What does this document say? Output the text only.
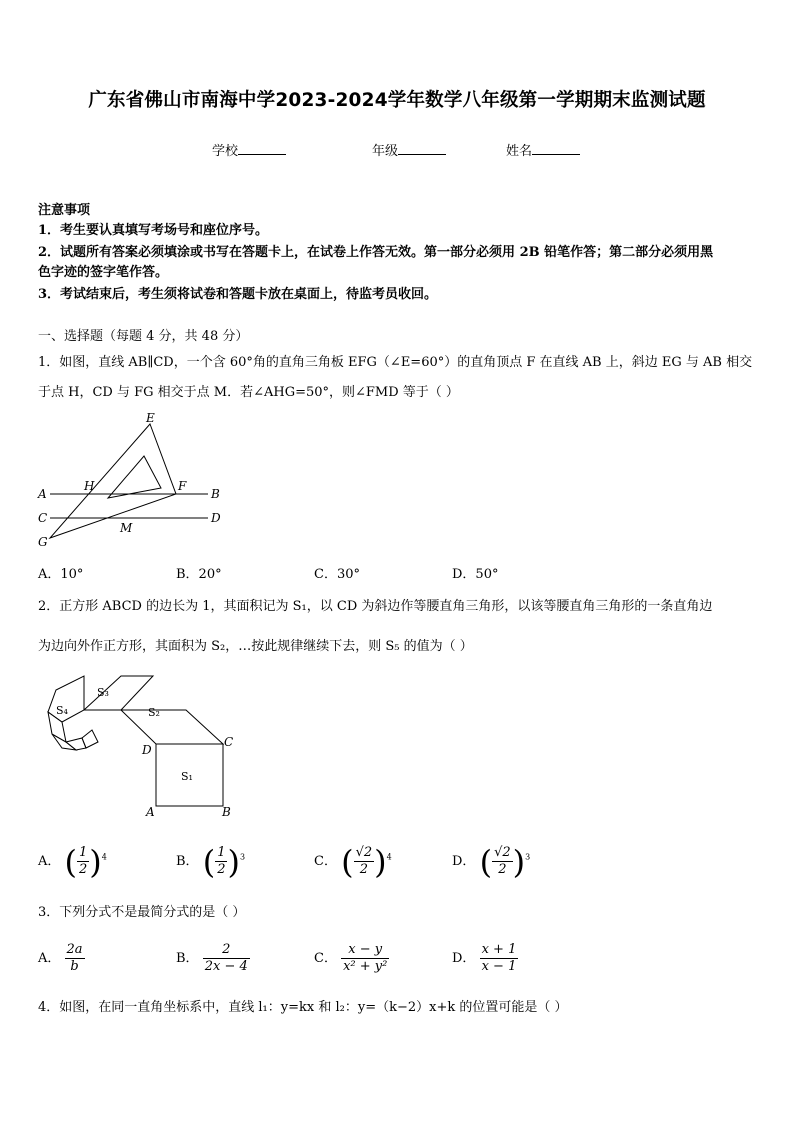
广东省佛山市南海中学2023-2024学年数学八年级第一学期期末监测试题
学校	年级	姓名
注意事项
1．考生要认真填写考场号和座位序号。
2．试题所有答案必须填涂或书写在答题卡上，在试卷上作答无效。第一部分必须用 2B 铅笔作答；第二部分必须用黑
色字迹的签字笔作答。
3．考试结束后，考生须将试卷和答题卡放在桌面上，待监考员收回。
一、选择题（每题 4 分，共 48 分）
1．如图，直线 AB∥CD，一个含 60°角的直角三角板 EFG（∠E=60°）的直角顶点 F 在直线 AB 上，斜边 EG 与 AB 相交
于点 H，CD 与 FG 相交于点 M．若∠AHG=50°，则∠FMD 等于（ ）
E
H	F
A	B
C	D
M
G
A．10°	B．20°	C．30°	D．50°
2．正方形 ABCD 的边长为 1，其面积记为 S₁，以 CD 为斜边作等腰直角三角形，以该等腰直角三角形的一条直角边
为边向外作正方形，其面积为 S₂，…按此规律继续下去，则 S₅ 的值为（ ）
S₁
S₂
S₃
S₄
A	B
C
D
A． ( $\frac{1}{2} )^4$	B． ( $\frac{1}{2} )^3$	C． ( $\frac{√2}{2} )^4$	D． ( $\frac{√2}{2} )^3$
3．下列分式不是最简分式的是（ ）
A． $\frac{2a}{b}$	B． $\frac{2}{2x - 4}$	C． $\frac{x - y}{\text{x² + y²}}$	D． $\frac{x + 1}{x - 1}$
4．如图，在同一直角坐标系中，直线 l₁：y=kx 和 l₂：y=（k−2）x+k 的位置可能是（ ）
